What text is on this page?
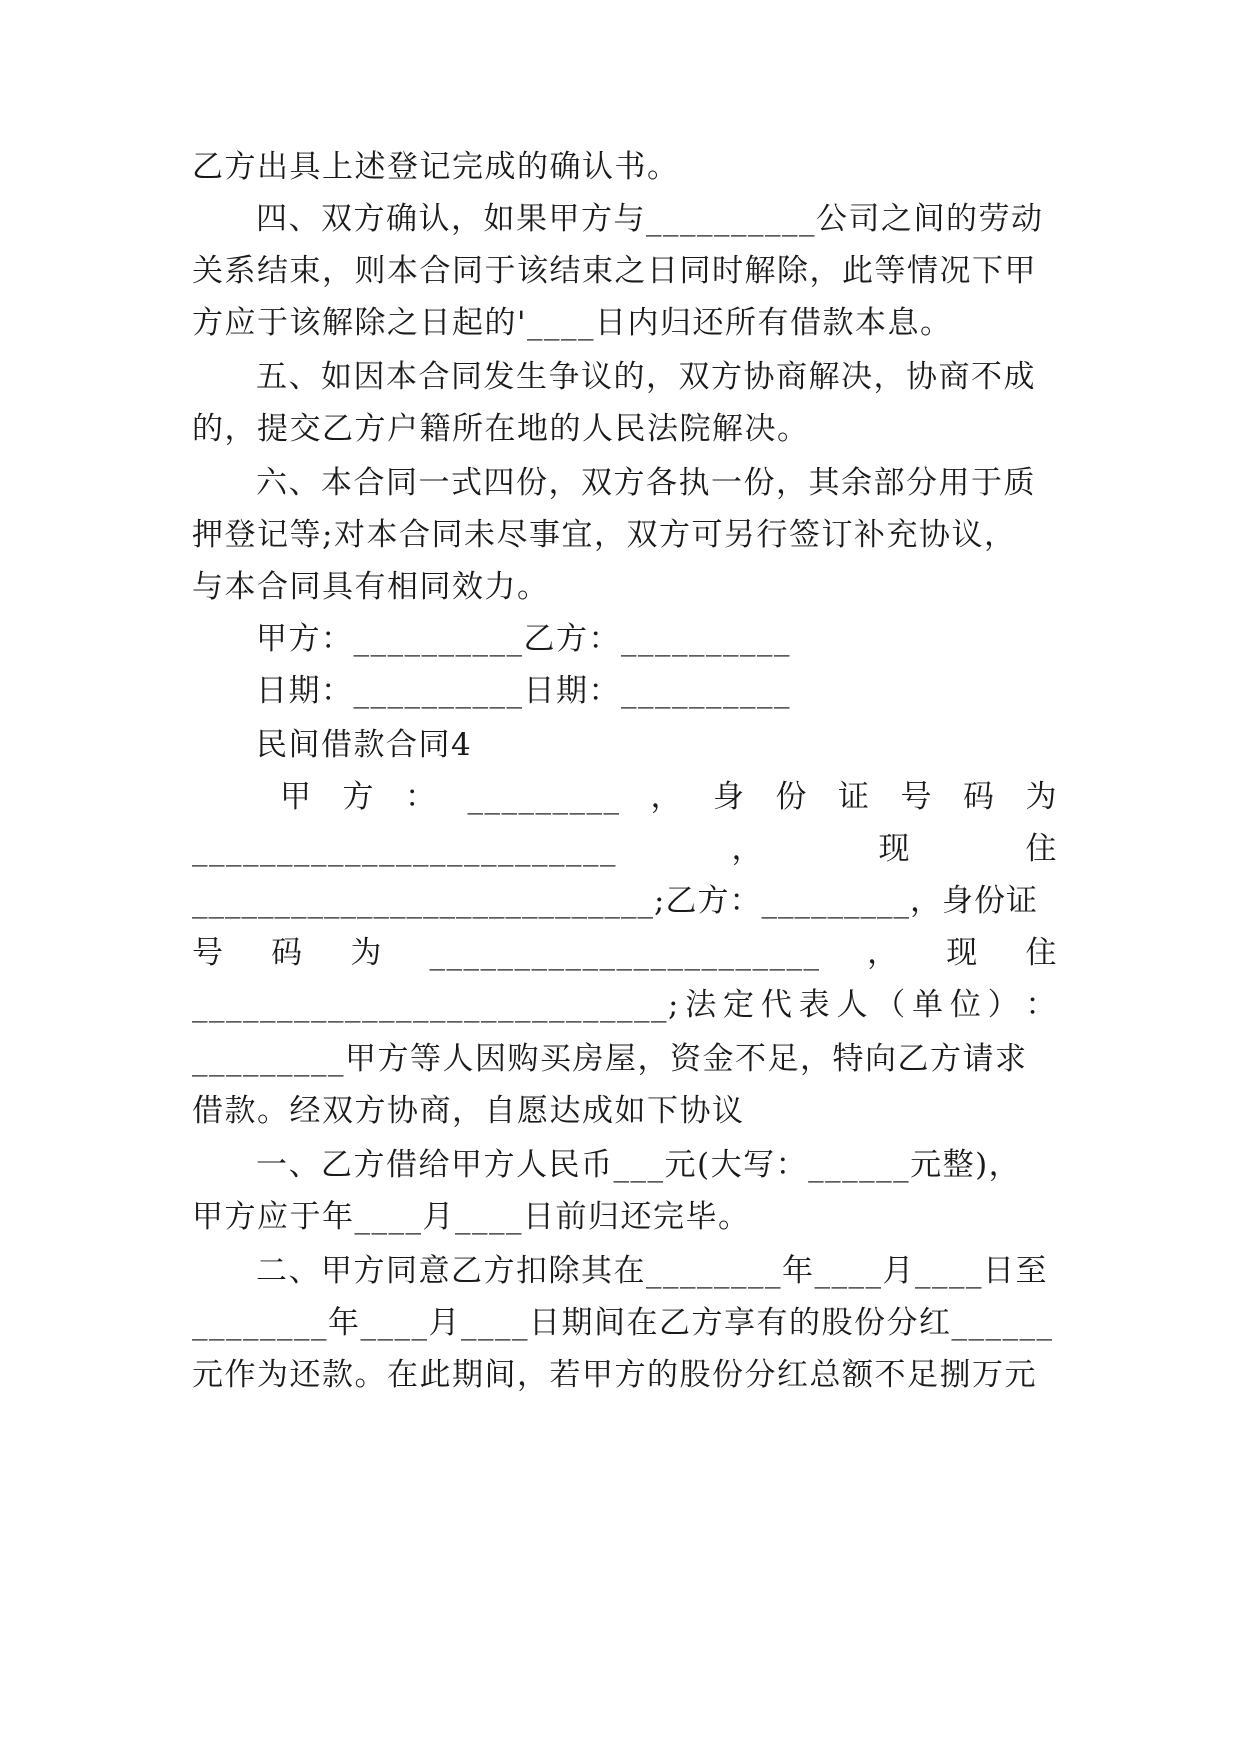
乙方出具上述登记完成的确认书。
四、双方确认，如果甲方与__________公司之间的劳动
关系结束，则本合同于该结束之日同时解除，此等情况下甲
方应于该解除之日起的'____日内归还所有借款本息。
五、如因本合同发生争议的，双方协商解决，协商不成
的，提交乙方户籍所在地的人民法院解决。
六、本合同一式四份，双方各执一份，其余部分用于质
押登记等;对本合同未尽事宜，双方可另行签订补充协议，
与本合同具有相同效力。
甲方：__________乙方：__________
日期：__________日期：__________
民间借款合同4
甲 方 ： _________ ， 身 份 证 号 码 为
_________________________	，	现	住
____________________________;乙方：_________，身份证
号 码 为 _______________________ ， 现 住
____________________________; 法 定 代 表 人 （ 单 位 ） ：
_________甲方等人因购买房屋，资金不足，特向乙方请求
借款。经双方协商，自愿达成如下协议
一、乙方借给甲方人民币___元(大写：______元整)，
甲方应于年____月____日前归还完毕。
二、甲方同意乙方扣除其在________年____月____日至
________年____月____日期间在乙方享有的股份分红______
元作为还款。在此期间，若甲方的股份分红总额不足捌万元
